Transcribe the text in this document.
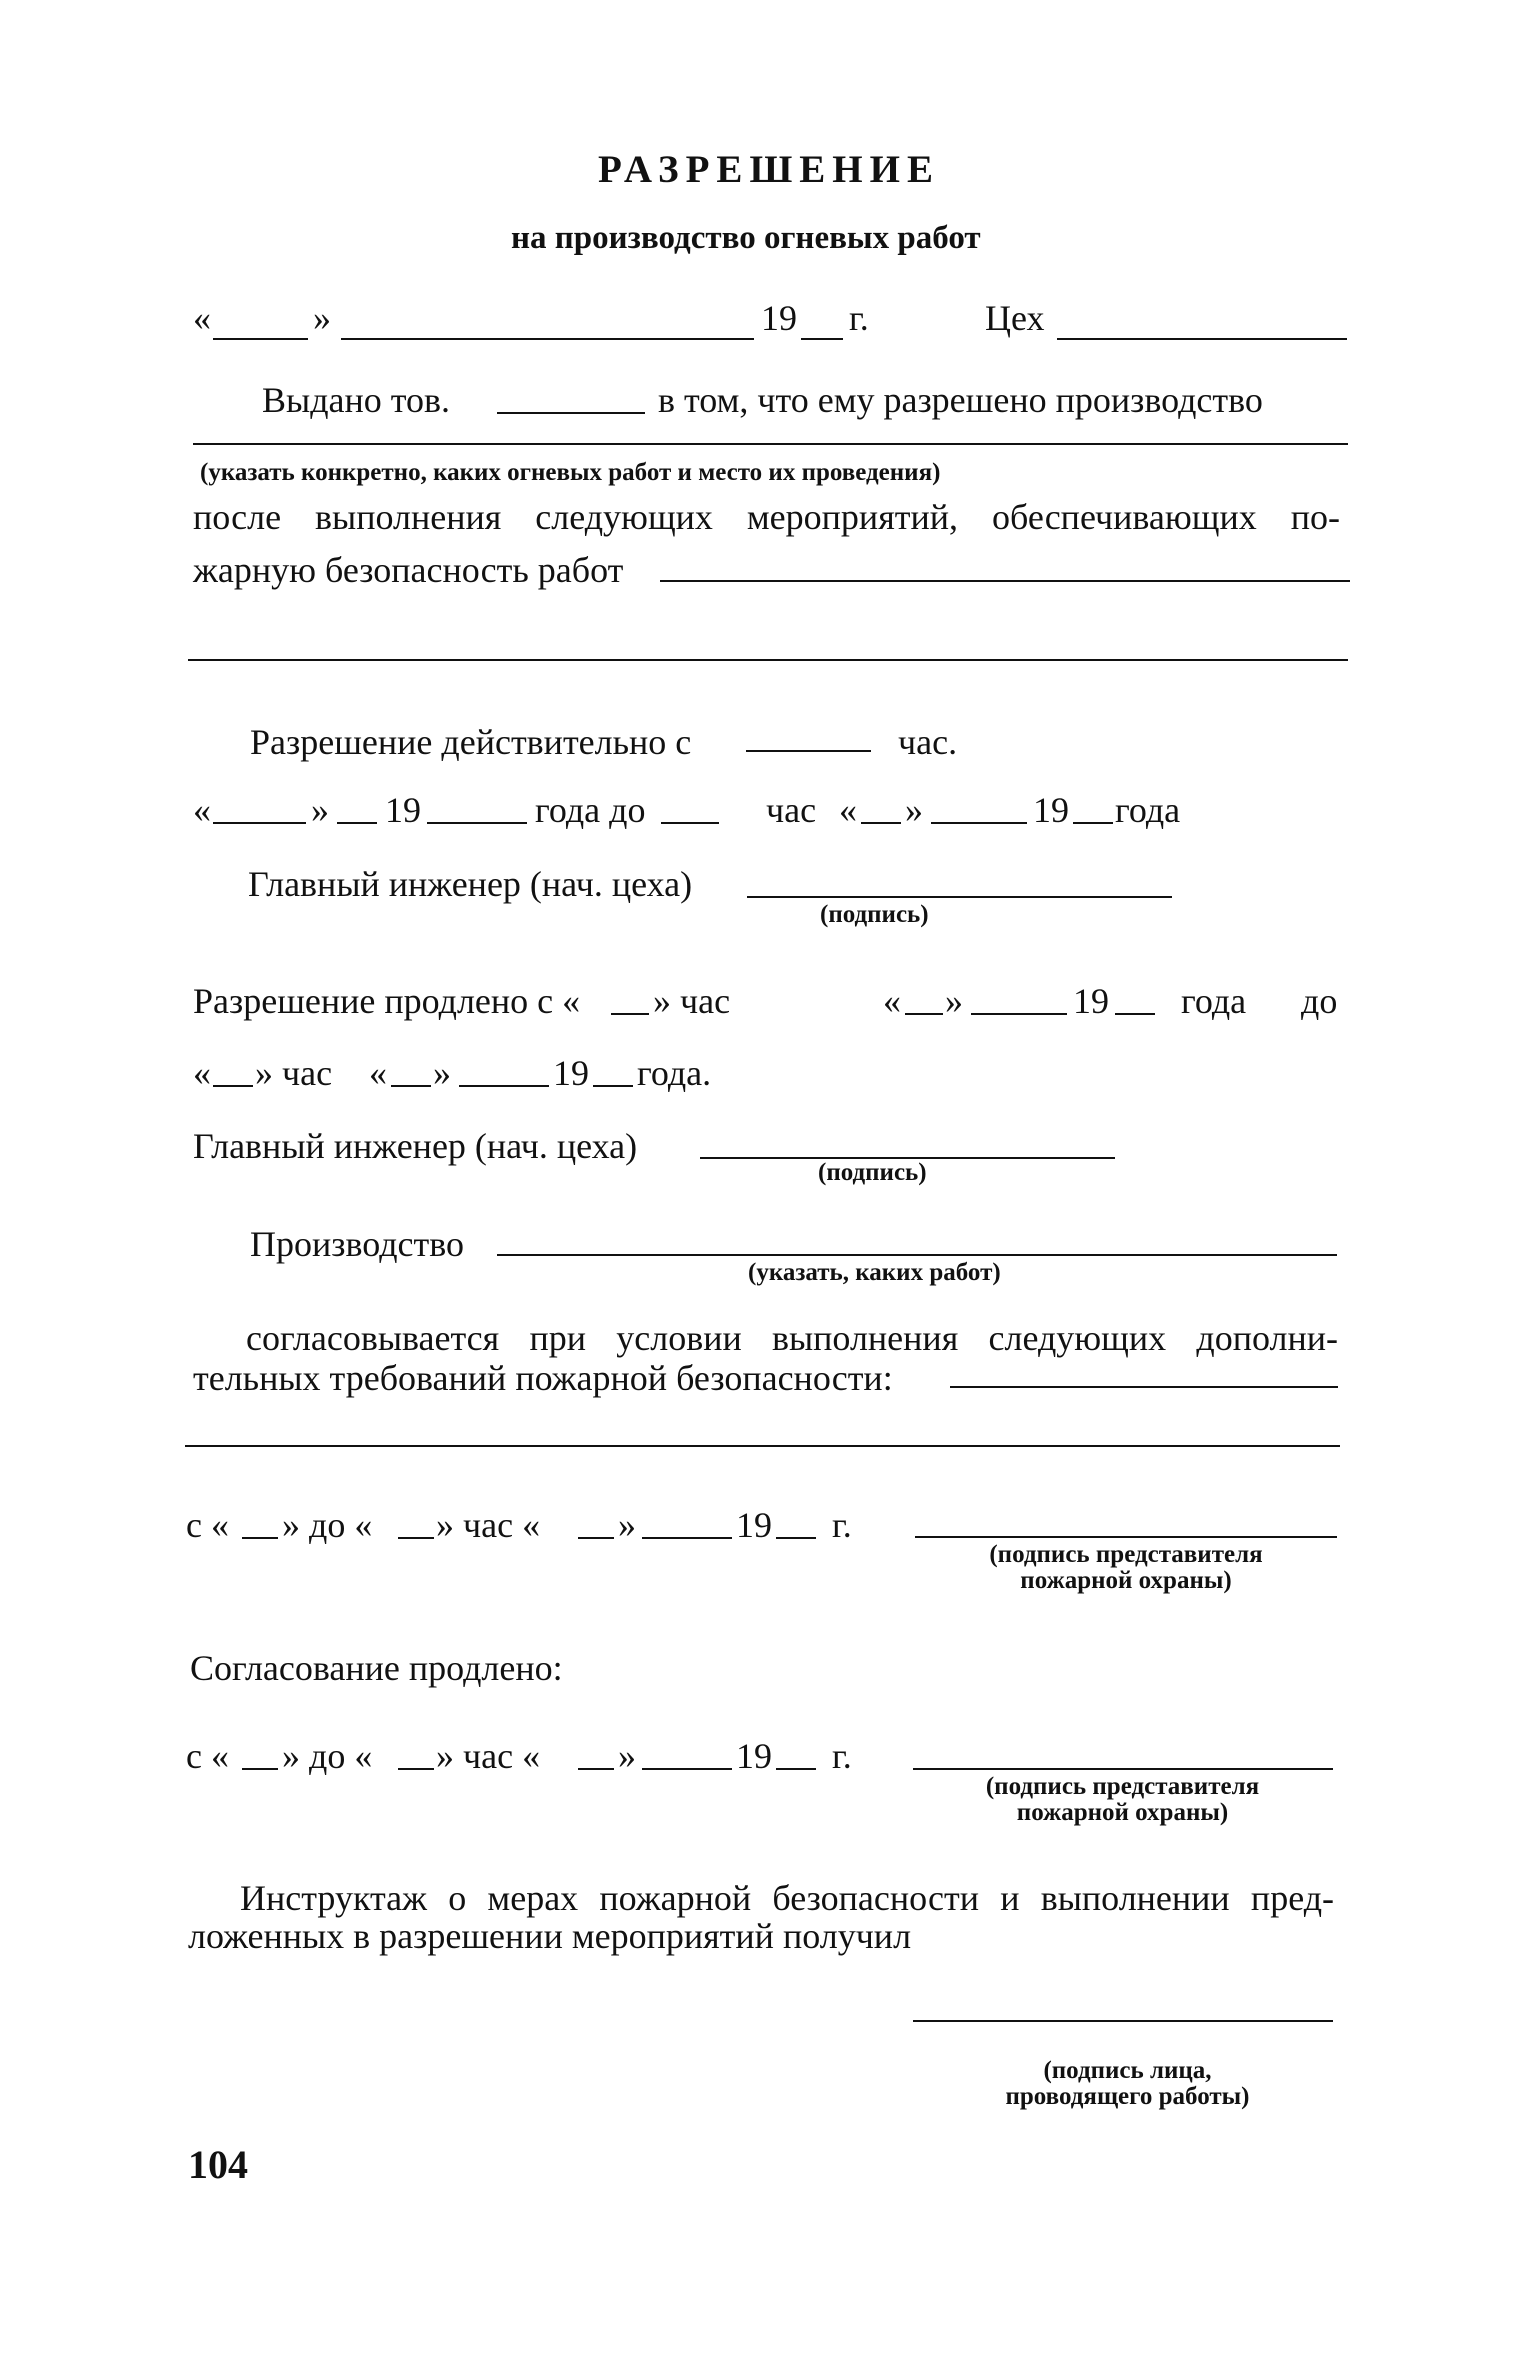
РАЗРЕШЕНИЕ
на производство огневых работ
«	»	19 г.	Цех
Выдано тов.	в том, что ему разрешено производство
(указать конкретно, каких огневых работ и место их проведения)
после выполнения следующих мероприятий, обеспечивающих по-
жарную безопасность работ
Разрешение действительно с	час.
«	» 19	года до	час « »	19 года
Главный инженер (нач. цеха)
(подпись)
Разрешение продлено с « » час	« »	19 года до
« » час « »	19 года.
Главный инженер (нач. цеха)
(подпись)
Производство
(указать, каких работ)
согласовывается при условии выполнения следующих дополни-
тельных требований пожарной безопасности:
с « » до « » час « »	19 г.
(подпись представителя
пожарной охраны)
Согласование продлено:
с « » до « » час « »	19 г.
(подпись представителя
пожарной охраны)
Инструктаж о мерах пожарной безопасности и выполнении пред-
ложенных в разрешении мероприятий получил
(подпись лица,
проводящего работы)
104
